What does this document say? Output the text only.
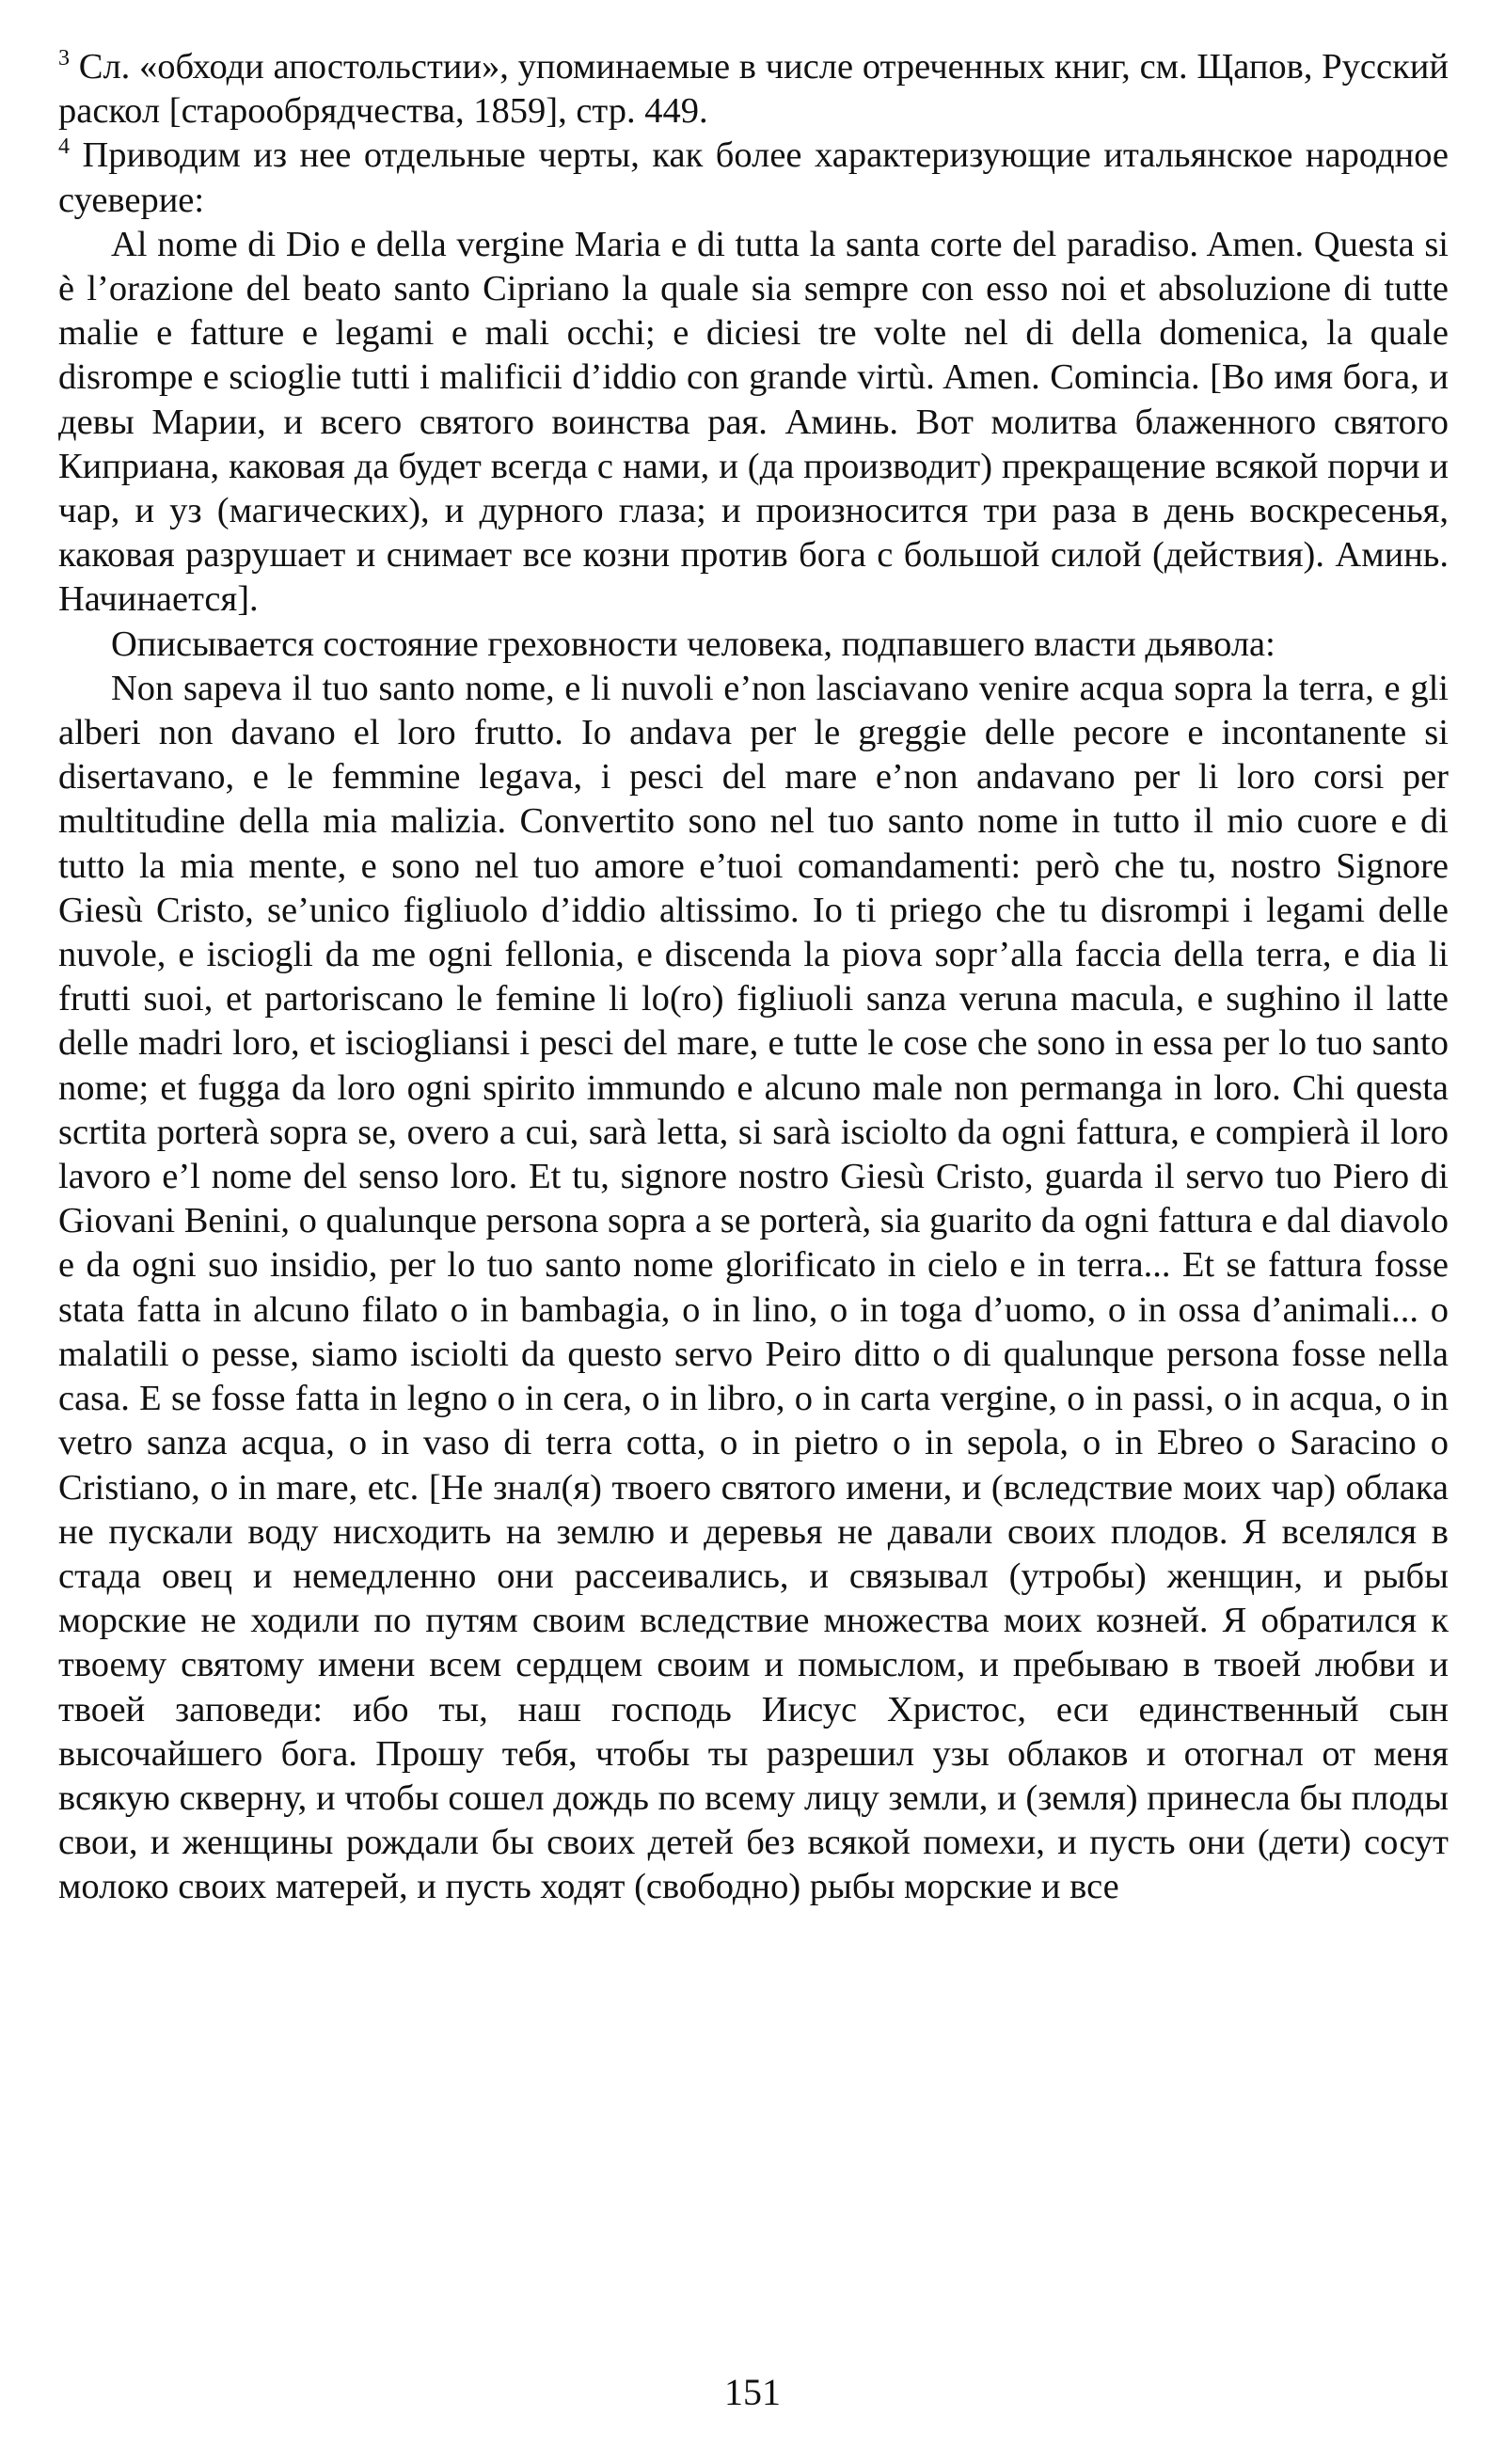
$^3$ Сл. «обходи апостольстии», упоминаемые в числе отреченных книг, см. Щапов, Русский раскол [старообрядчества, 1859], стр. 449.

$^4$ Приводим из нее отдельные черты, как более характеризующие итальянское народное суеверие:

Al nome di Dio e della vergine Maria e di tutta la santa corte del paradiso. Amen. Questa si è l’orazione del beato santo Cipriano la quale sia sempre con esso noi et absoluzione di tutte malie e fatture e legami e mali occhi; e diciesi tre volte nel di della domenica, la quale disrompe e scioglie tutti i malificii d’iddio con grande virtù. Amen. Comincia. [Во имя бога, и девы Марии, и всего святого воинства рая. Аминь. Вот молитва блаженного святого Киприана, каковая да будет всегда с нами, и (да производит) прекращение всякой порчи и чар, и уз (магических), и дурного глаза; и произносится три раза в день воскресенья, каковая разрушает и снимает все козни против бога с большой силой (действия). Аминь. Начинается].

Описывается состояние греховности человека, подпавшего власти дьявола:

Non sapeva il tuo santo nome, e li nuvoli e’non lasciavano venire acqua sopra la terra, e gli alberi non davano el loro frutto. Io andava per le greggie delle pecore e incontanente si disertavano, e le femmine legava, i pesci del mare e’non andavano per li loro corsi per multitudine della mia malizia. Convertito sono nel tuo santo nome in tutto il mio cuore e di tutto la mia mente, e sono nel tuo amore e’tuoi comandamenti: però che tu, nostro Signore Giesù Cristo, se’unico figliuolo d’iddio altissimo. Io ti priego che tu disrompi i legami delle nuvole, e isciogli da me ogni fellonia, e discenda la piova sopr’alla faccia della terra, e dia li frutti suoi, et partoriscano le femine li lo(ro) figliuoli sanza veruna macula, e sughino il latte delle madri loro, et isciogliansi i pesci del mare, e tutte le cose che sono in essa per lo tuo santo nome; et fugga da loro ogni spirito immundo e alcuno male non permanga in loro. Chi questa scrtita porterà sopra se, overo a cui, sarà letta, si sarà isciolto da ogni fattura, e compierà il loro lavoro e’l nome del senso loro. Et tu, signore nostro Giesù Cristo, guarda il servo tuo Piero di Giovani Benini, o qualunque persona sopra a se porterà, sia guarito da ogni fattura e dal diavolo e da ogni suo insidio, per lo tuo santo nome glorificato in cielo e in terra... Et se fattura fosse stata fatta in alcuno filato o in bambagia, o in lino, o in toga d’uomo, o in ossa d’animali... o malatili o pesse, siamo isciolti da questo servo Peiro ditto o di qualunque persona fosse nella casa. E se fosse fatta in legno o in cera, o in libro, o in carta vergine, o in passi, o in acqua, o in vetro sanza acqua, o in vaso di terra cotta, o in pietro o in sepola, o in Ebreo o Saracino o Cristiano, o in mare, etc. [Не знал(я) твоего святого имени, и (вследствие моих чар) облака не пускали воду нисходить на землю и деревья не давали своих плодов. Я вселялся в стада овец и немедленно они рассеивались, и связывал (утробы) женщин, и рыбы морские не ходили по путям своим вследствие множества моих козней. Я обратился к твоему святому имени всем сердцем своим и помыслом, и пребываю в твоей любви и твоей заповеди: ибо ты, наш господь Иисус Христос, еси единственный сын высочайшего бога. Прошу тебя, чтобы ты разрешил узы облаков и отогнал от меня всякую скверну, и чтобы сошел дождь по всему лицу земли, и (земля) принесла бы плоды свои, и женщины рождали бы своих детей без всякой помехи, и пусть они (дети) сосут молоко своих матерей, и пусть ходят (свободно) рыбы морские и все

151
